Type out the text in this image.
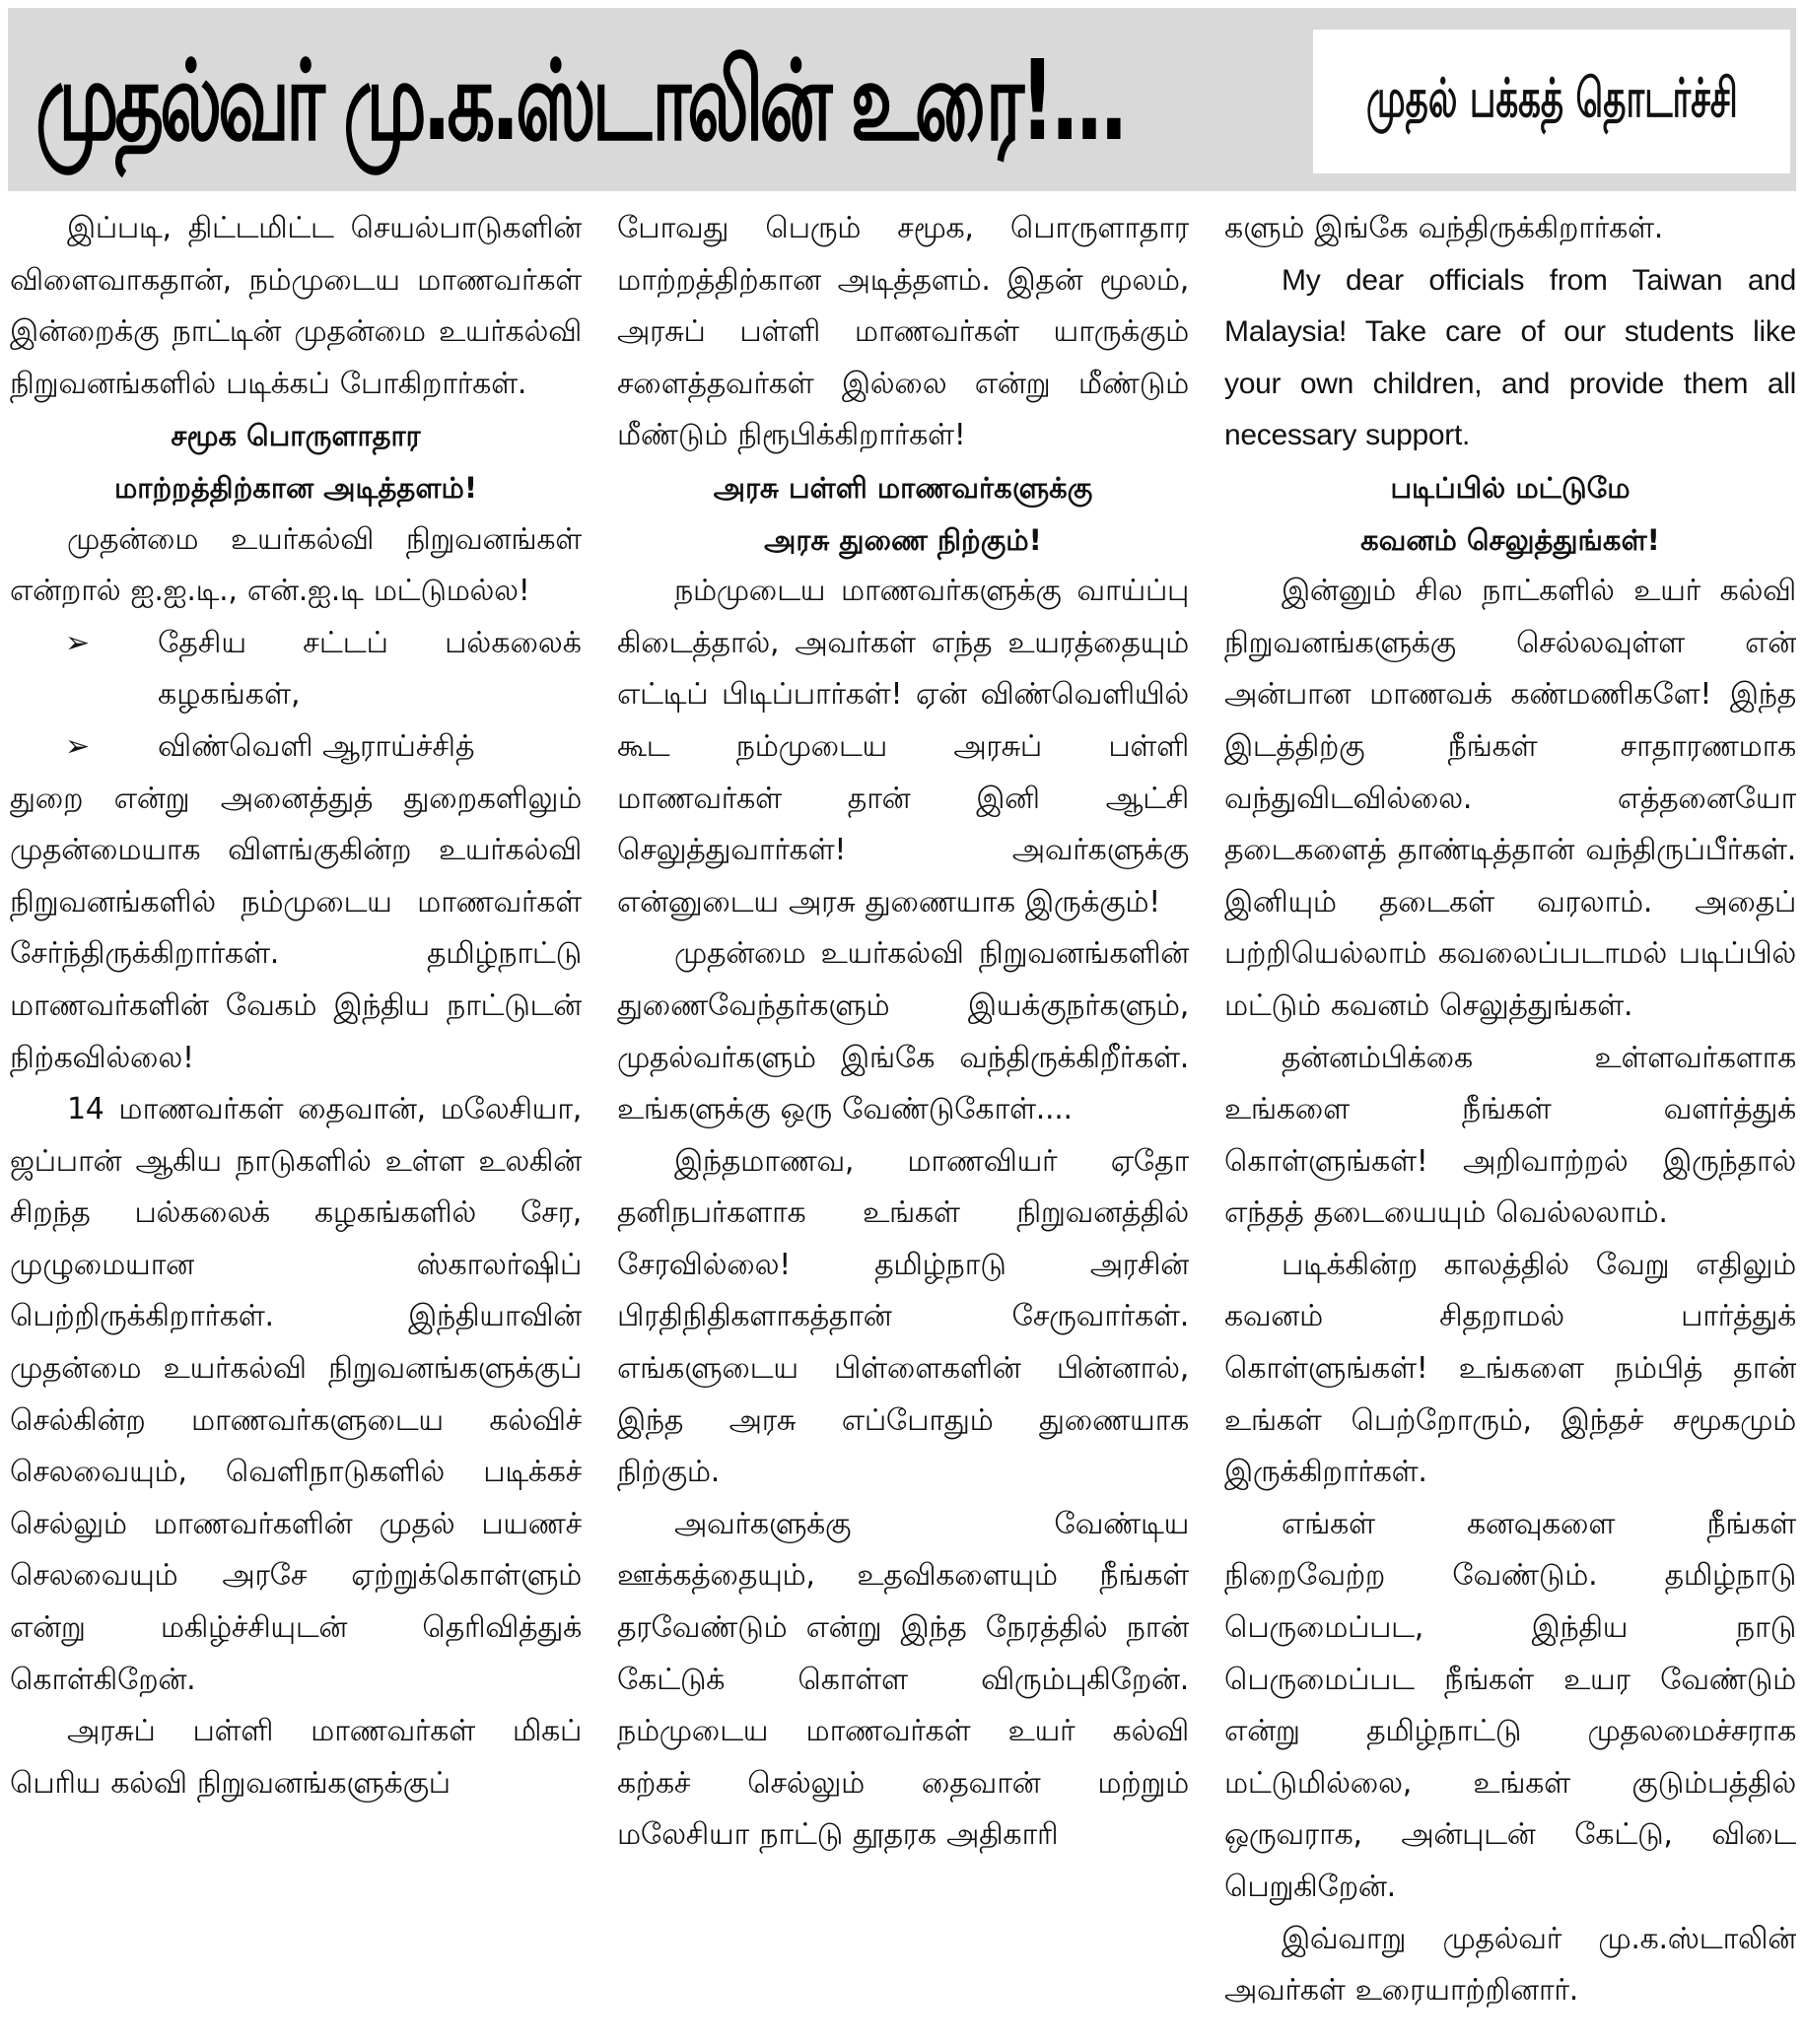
முதல்வர் மு.க.ஸ்டாலின் உரை!...	முதல் பக்கத் தொடர்ச்சி

இப்படி, திட்டமிட்ட செயல்பாடுகளின் விளைவாகதான், நம்முடைய மாணவர்கள் இன்றைக்கு நாட்டின் முதன்மை உயர்கல்வி நிறுவனங்களில் படிக்கப் போகிறார்கள்.

சமூக பொருளாதார
மாற்றத்திற்கான அடித்தளம்!

முதன்மை உயர்கல்வி நிறுவனங்கள் என்றால் ஐ.ஐ.டி., என்.ஐ.டி மட்டுமல்ல!

➢	தேசிய சட்டப் பல்கலைக் கழகங்கள்,
➢	விண்வெளி ஆராய்ச்சித்

துறை என்று அனைத்துத் துறைகளிலும் முதன்மையாக விளங்குகின்ற உயர்கல்வி நிறுவனங்களில் நம்முடைய மாணவர்கள் சேர்ந்திருக்கிறார்கள். தமிழ்நாட்டு மாணவர்களின் வேகம் இந்திய நாட்டுடன் நிற்கவில்லை!

14 மாணவர்கள் தைவான், மலேசியா, ஜப்பான் ஆகிய நாடுகளில் உள்ள உலகின் சிறந்த பல்கலைக் கழகங்களில் சேர, முழுமையான ஸ்காலர்ஷிப் பெற்றிருக்கிறார்கள். இந்தியாவின் முதன்மை உயர்கல்வி நிறுவனங்களுக்குப் செல்கின்ற மாணவர்களுடைய கல்விச் செலவையும், வெளிநாடுகளில் படிக்கச் செல்லும் மாணவர்களின் முதல் பயணச் செலவையும் அரசே ஏற்றுக்கொள்ளும் என்று மகிழ்ச்சியுடன் தெரிவித்துக் கொள்கிறேன்.

அரசுப் பள்ளி மாணவர்கள் மிகப் பெரிய கல்வி நிறுவனங்களுக்குப்

போவது பெரும் சமூக, பொருளாதார மாற்றத்திற்கான அடித்தளம். இதன் மூலம், அரசுப் பள்ளி மாணவர்கள் யாருக்கும் சளைத்தவர்கள் இல்லை என்று மீண்டும் மீண்டும் நிரூபிக்கிறார்கள்!

அரசு பள்ளி மாணவர்களுக்கு
அரசு துணை நிற்கும்!

நம்முடைய மாணவர்களுக்கு வாய்ப்பு கிடைத்தால், அவர்கள் எந்த உயரத்தையும் எட்டிப் பிடிப்பார்கள்! ஏன் விண்வெளியில் கூட நம்முடைய அரசுப் பள்ளி மாணவர்கள் தான் இனி ஆட்சி செலுத்துவார்கள்! அவர்களுக்கு என்னுடைய அரசு துணையாக இருக்கும்!

முதன்மை உயர்கல்வி நிறுவனங்களின் துணைவேந்தர்களும் இயக்குநர்களும், முதல்வர்களும் இங்கே வந்திருக்கிறீர்கள். உங்களுக்கு ஒரு வேண்டுகோள்....

இந்தமாணவ, மாணவியர் ஏதோ தனிநபர்களாக உங்கள் நிறுவனத்தில் சேரவில்லை! தமிழ்நாடு அரசின் பிரதிநிதிகளாகத்தான் சேருவார்கள். எங்களுடைய பிள்ளைகளின் பின்னால், இந்த அரசு எப்போதும் துணையாக நிற்கும்.

அவர்களுக்கு வேண்டிய ஊக்கத்தையும், உதவிகளையும் நீங்கள் தரவேண்டும் என்று இந்த நேரத்தில் நான் கேட்டுக் கொள்ள விரும்புகிறேன். நம்முடைய மாணவர்கள் உயர் கல்வி கற்கச் செல்லும் தைவான் மற்றும் மலேசியா நாட்டு தூதரக அதிகாரி

களும் இங்கே வந்திருக்கிறார்கள்.

My dear officials from Taiwan and Malaysia! Take care of our students like your own children, and provide them all necessary support.

படிப்பில் மட்டுமே
கவனம் செலுத்துங்கள்!

இன்னும் சில நாட்களில் உயர் கல்வி நிறுவனங்களுக்கு செல்லவுள்ள என் அன்பான மாணவக் கண்மணிகளே! இந்த இடத்திற்கு நீங்கள் சாதாரணமாக வந்துவிடவில்லை. எத்தனையோ தடைகளைத் தாண்டித்தான் வந்திருப்பீர்கள். இனியும் தடைகள் வரலாம். அதைப் பற்றியெல்லாம் கவலைப்படாமல் படிப்பில் மட்டும் கவனம் செலுத்துங்கள்.

தன்னம்பிக்கை உள்ளவர்களாக உங்களை நீங்கள் வளர்த்துக் கொள்ளுங்கள்! அறிவாற்றல் இருந்தால் எந்தத் தடையையும் வெல்லலாம்.

படிக்கின்ற காலத்தில் வேறு எதிலும் கவனம் சிதறாமல் பார்த்துக் கொள்ளுங்கள்! உங்களை நம்பித் தான் உங்கள் பெற்றோரும், இந்தச் சமூகமும் இருக்கிறார்கள்.

எங்கள் கனவுகளை நீங்கள் நிறைவேற்ற வேண்டும். தமிழ்நாடு பெருமைப்பட, இந்திய நாடு பெருமைப்பட நீங்கள் உயர வேண்டும் என்று தமிழ்நாட்டு முதலமைச்சராக மட்டுமில்லை, உங்கள் குடும்பத்தில் ஒருவராக, அன்புடன் கேட்டு, விடை பெறுகிறேன்.

இவ்வாறு முதல்வர் மு.க.ஸ்டாலின் அவர்கள் உரையாற்றினார்.
